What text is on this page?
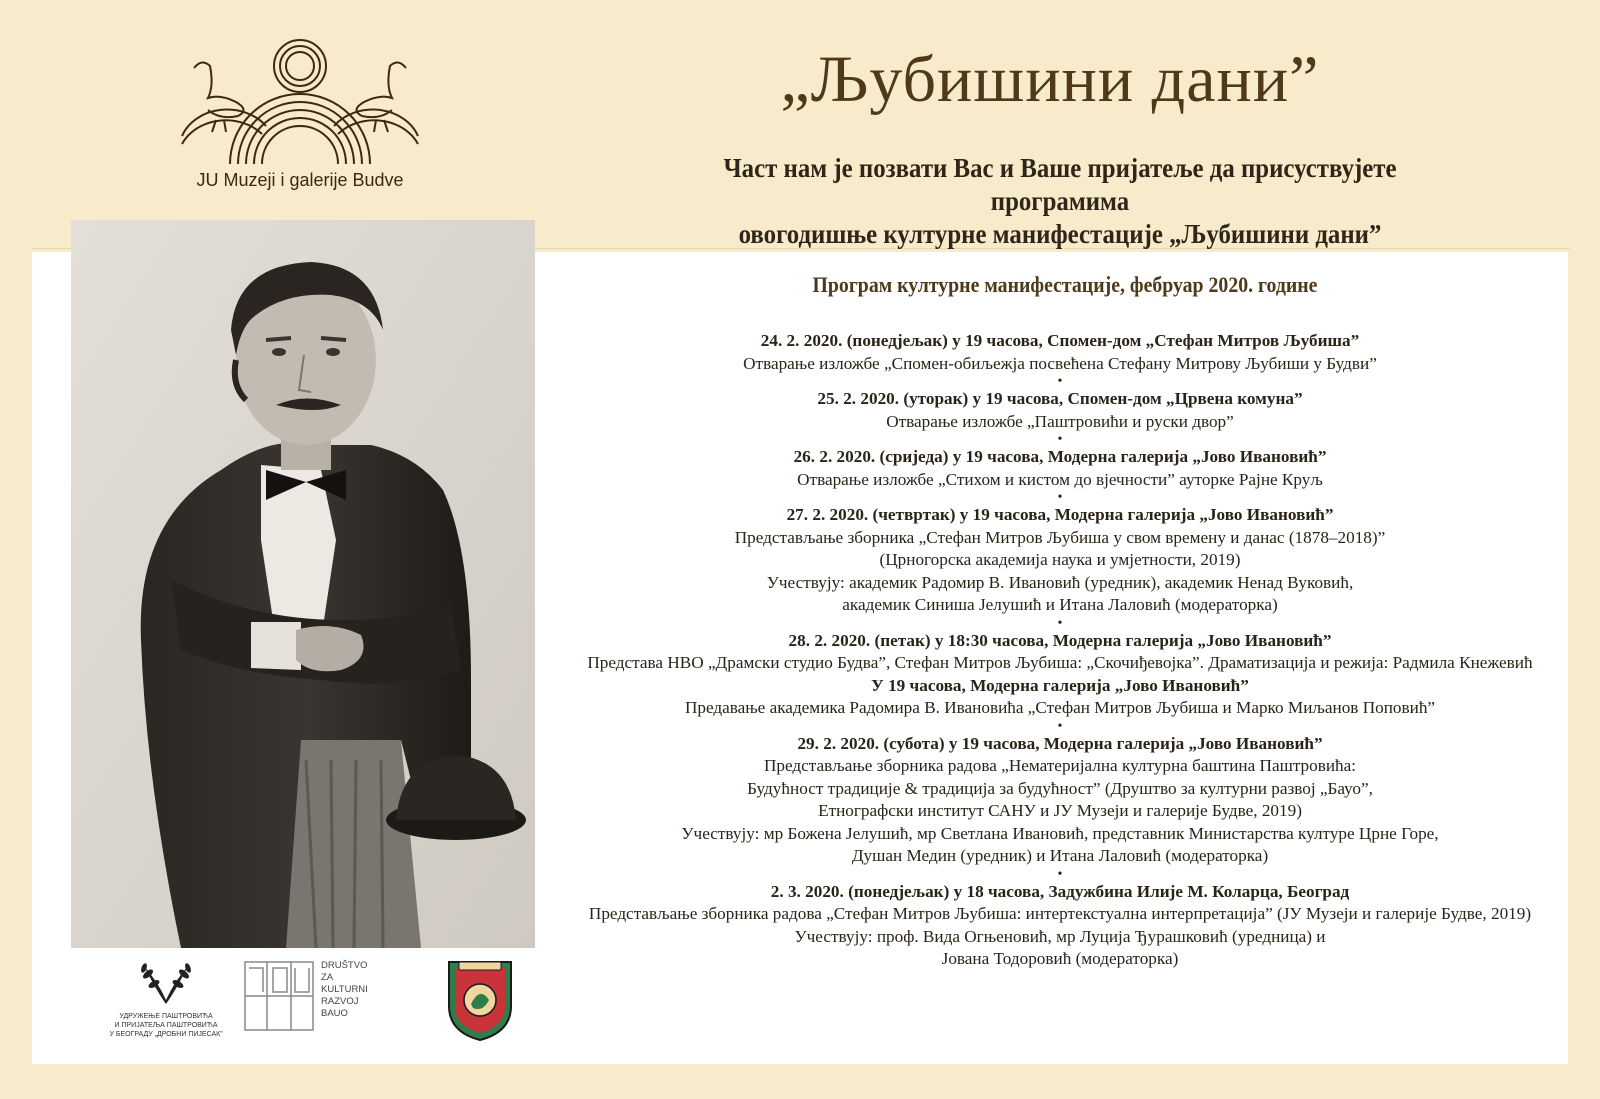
JU Muzeji i galerije Budve
„Љубишини дани”
Част нам је позвати Вас и Ваше пријатеље да присуствујете програмима
овогодишње културне манифестације „Љубишини дани”
Програм културне манифестације, фебруар 2020. године
24. 2. 2020. (понедјељак) у 19 часова, Спомен-дом „Стефан Митров Љубиша”
Отварање изложбе „Спомен-обиљежја посвећена Стефану Митрову Љубиши у Будви”
•
25. 2. 2020. (уторак) у 19 часова, Спомен-дом „Црвена комуна”
Отварање изложбе „Паштровићи и руски двор”
•
26. 2. 2020. (сриједа) у 19 часова, Модерна галерија „Јово Ивановић”
Отварање изложбе „Стихом и кистом до вјечности” ауторке Рајне Круљ
•
27. 2. 2020. (четвртак) у 19 часова, Модерна галерија „Јово Ивановић”
Представљање зборника „Стефан Митров Љубиша у свом времену и данас (1878–2018)”
(Црногорска академија наука и умјетности, 2019)
Учествују: академик Радомир В. Ивановић (уредник), академик Ненад Вуковић,
академик Синиша Јелушић и Итана Лаловић (модераторка)
•
28. 2. 2020. (петак) у 18:30 часова, Модерна галерија „Јово Ивановић”
Представа НВО „Драмски студио Будва”, Стефан Митров Љубиша: „Скочиђевојка”. Драматизација и режија: Радмила Кнежевић
У 19 часова, Модерна галерија „Јово Ивановић”
Предавање академика Радомира В. Ивановића „Стефан Митров Љубиша и Марко Миљанов Поповић”
•
29. 2. 2020. (субота) у 19 часова, Модерна галерија „Јово Ивановић”
Представљање зборника радова „Нематеријална културна баштина Паштровића:
Будућност традиције & традиција за будућност” (Друштво за културни развој „Бауо”,
Етнографски институт САНУ и ЈУ Музеји и галерије Будве, 2019)
Учествују: мр Божена Јелушић, мр Светлана Ивановић, представник Министарства културе Црне Горе,
Душан Медин (уредник) и Итана Лаловић (модераторка)
•
2. 3. 2020. (понедјељак) у 18 часова, Задужбина Илије М. Коларца, Београд
Представљање зборника радова „Стефан Митров Љубиша: интертекстуална интерпретација” (ЈУ Музеји и галерије Будве, 2019)
Учествују: проф. Вида Огњеновић, мр Луција Ђурашковић (уредница) и
Јована Тодоровић (модераторка)
УДРУЖЕЊЕ ПАШТРОВИЋА
И ПРИЈАТЕЉА ПАШТРОВИЋА
У БЕОГРАДУ „ДРОБНИ ПИЈЕСАК”
DRUŠTVO
ZA
KULTURNI
RAZVOJ
BAUO
